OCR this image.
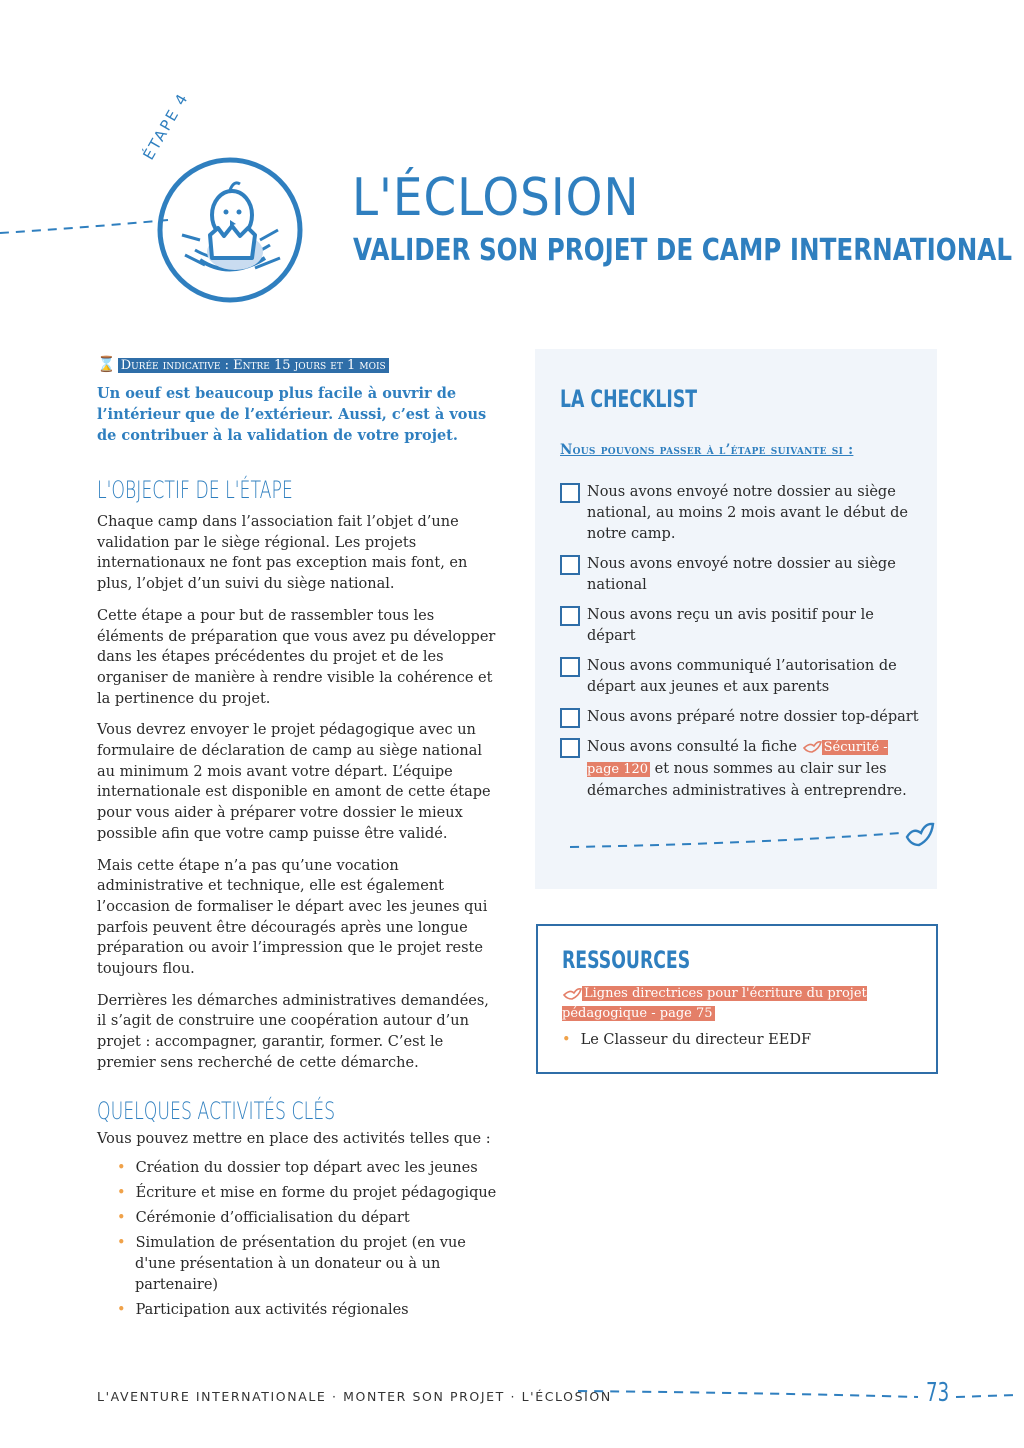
ÉTAPE 4
L'ÉCLOSION
VALIDER SON PROJET DE CAMP INTERNATIONAL
⌛ Durée indicative : Entre 15 jours et 1 mois

Un oeuf est beaucoup plus facile à ouvrir de l’intérieur que de l’extérieur. Aussi, c’est à vous de contribuer à la validation de votre projet.

L'OBJECTIF DE L'ÉTAPE

Chaque camp dans l’association fait l’objet d’une validation par le siège régional. Les projets internationaux ne font pas exception mais font, en plus, l’objet d’un suivi du siège national.

Cette étape a pour but de rassembler tous les éléments de préparation que vous avez pu développer dans les étapes précédentes du projet et de les organiser de manière à rendre visible la cohérence et la pertinence du projet.

Vous devrez envoyer le projet pédagogique avec un formulaire de déclaration de camp au siège national au minimum 2 mois avant votre départ. L’équipe internationale est disponible en amont de cette étape pour vous aider à préparer votre dossier le mieux possible afin que votre camp puisse être validé.

Mais cette étape n’a pas qu’une vocation administrative et technique, elle est également l’occasion de formaliser le départ avec les jeunes qui parfois peuvent être découragés après une longue préparation ou avoir l’impression que le projet reste toujours flou.

Derrières les démarches administratives demandées, il s’agit de construire une coopération autour d’un projet : accompagner, garantir, former. C’est le premier sens recherché de cette démarche.

QUELQUES ACTIVITÉS CLÉS

Vous pouvez mettre en place des activités telles que :

• Création du dossier top départ avec les jeunes
• Écriture et mise en forme du projet pédagogique
• Cérémonie d’officialisation du départ
• Simulation de présentation du projet (en vue d'une présentation à un donateur ou à un partenaire)
• Participation aux activités régionales
LA CHECKLIST

Nous pouvons passer à l’étape suivante si :

Nous avons envoyé notre dossier au siège national, au moins 2 mois avant le début de notre camp.
Nous avons envoyé notre dossier au siège national
Nous avons reçu un avis positif pour le départ
Nous avons communiqué l’autorisation de départ aux jeunes et aux parents
Nous avons préparé notre dossier top-départ
Nous avons consulté la fiche Sécurité - page 120 et nous sommes au clair sur les démarches administratives à entreprendre.
RESSOURCES
Lignes directrices pour l'écriture du projet pédagogique - page 75
• Le Classeur du directeur EEDF
L'AVENTURE INTERNATIONALE · MONTER SON PROJET · L'ÉCLOSION	73
